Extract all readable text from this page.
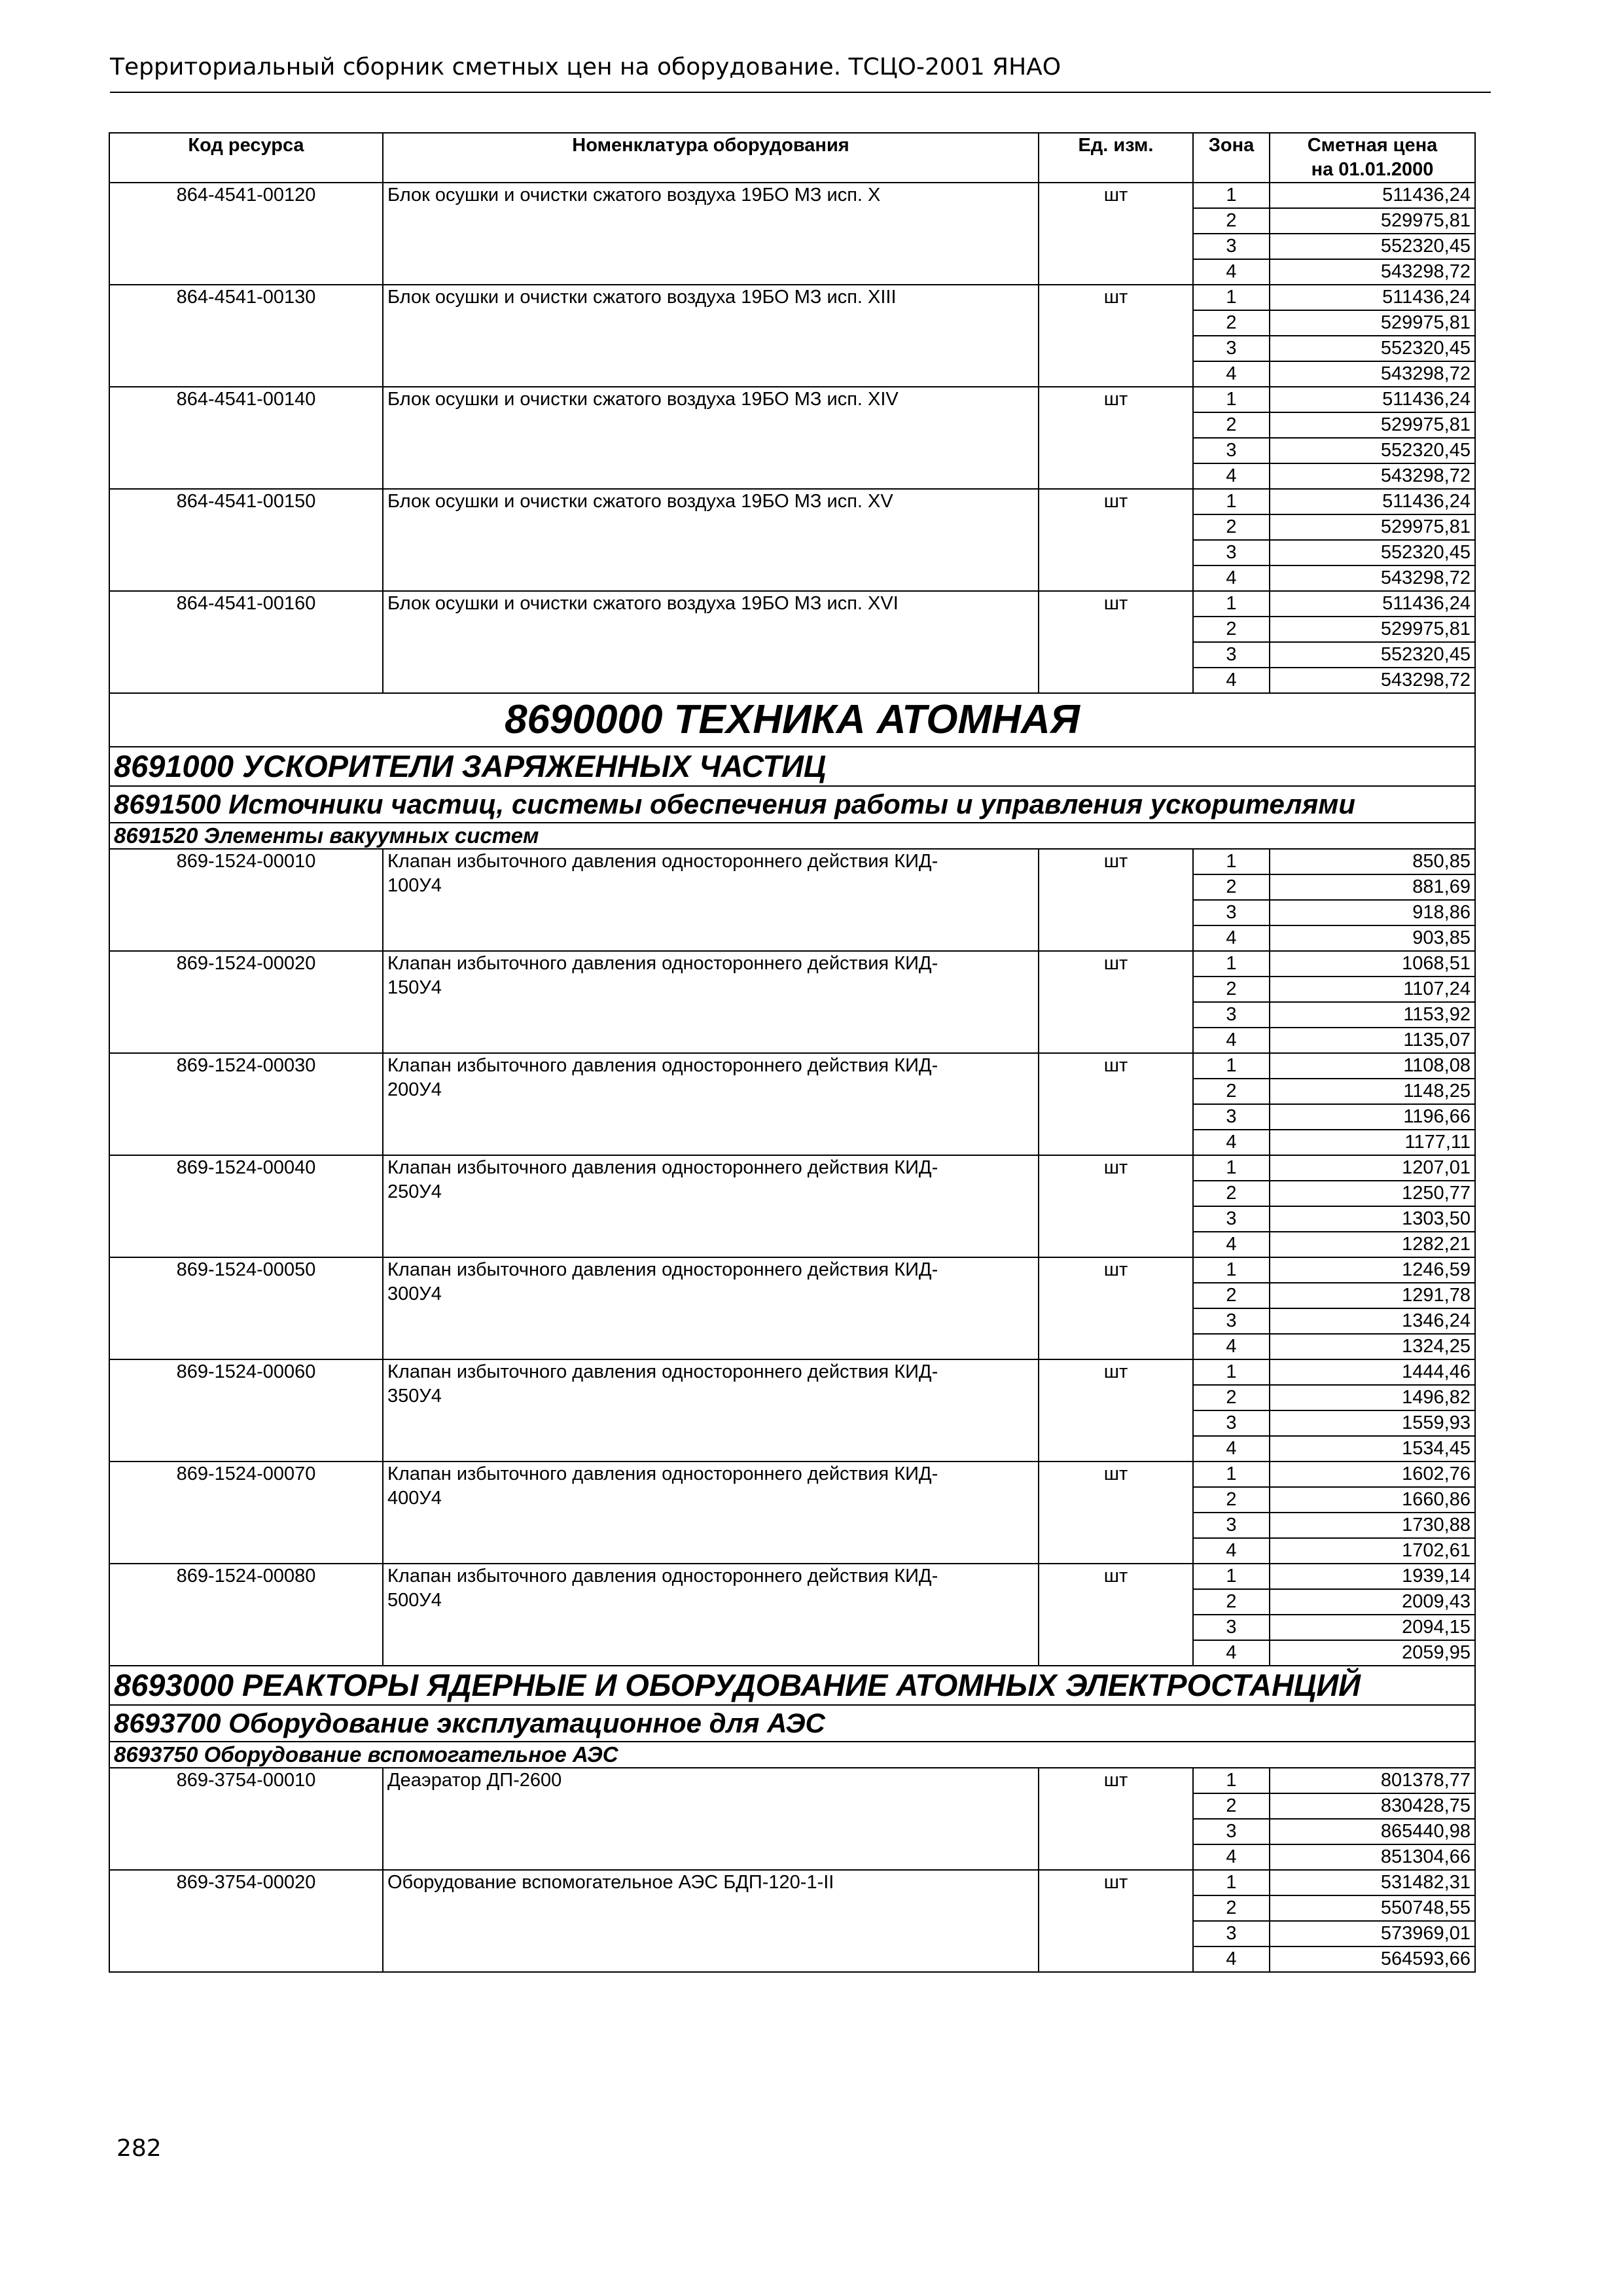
Территориальный сборник сметных цен на оборудование. ТСЦО-2001 ЯНАО
Код ресурса	Номенклатура оборудования	Ед. изм.	Зона	Сметная цена
на 01.01.2000
864-4541-00120	Блок осушки и очистки сжатого воздуха 19БО МЗ исп. X	шт	1	511436,24
			2	529975,81
			3	552320,45
			4	543298,72
864-4541-00130	Блок осушки и очистки сжатого воздуха 19БО МЗ исп. XIII	шт	1	511436,24
			2	529975,81
			3	552320,45
			4	543298,72
864-4541-00140	Блок осушки и очистки сжатого воздуха 19БО МЗ исп. XIV	шт	1	511436,24
			2	529975,81
			3	552320,45
			4	543298,72
864-4541-00150	Блок осушки и очистки сжатого воздуха 19БО МЗ исп. XV	шт	1	511436,24
			2	529975,81
			3	552320,45
			4	543298,72
864-4541-00160	Блок осушки и очистки сжатого воздуха 19БО МЗ исп. XVI	шт	1	511436,24
			2	529975,81
			3	552320,45
			4	543298,72
8690000 ТЕХНИКА АТОМНАЯ				
8691000 УСКОРИТЕЛИ ЗАРЯЖЕННЫХ ЧАСТИЦ				
8691500 Источники частиц, системы обеспечения работы и управления ускорителями				
8691520 Элементы вакуумных систем				
869-1524-00010	Клапан избыточного давления одностороннего действия КИД-
100У4	шт	1	850,85
			2	881,69
			3	918,86
			4	903,85
869-1524-00020	Клапан избыточного давления одностороннего действия КИД-
150У4	шт	1	1068,51
			2	1107,24
			3	1153,92
			4	1135,07
869-1524-00030	Клапан избыточного давления одностороннего действия КИД-
200У4	шт	1	1108,08
			2	1148,25
			3	1196,66
			4	1177,11
869-1524-00040	Клапан избыточного давления одностороннего действия КИД-
250У4	шт	1	1207,01
			2	1250,77
			3	1303,50
			4	1282,21
869-1524-00050	Клапан избыточного давления одностороннего действия КИД-
300У4	шт	1	1246,59
			2	1291,78
			3	1346,24
			4	1324,25
869-1524-00060	Клапан избыточного давления одностороннего действия КИД-
350У4	шт	1	1444,46
			2	1496,82
			3	1559,93
			4	1534,45
869-1524-00070	Клапан избыточного давления одностороннего действия КИД-
400У4	шт	1	1602,76
			2	1660,86
			3	1730,88
			4	1702,61
869-1524-00080	Клапан избыточного давления одностороннего действия КИД-
500У4	шт	1	1939,14
			2	2009,43
			3	2094,15
			4	2059,95
8693000 РЕАКТОРЫ ЯДЕРНЫЕ И ОБОРУДОВАНИЕ АТОМНЫХ ЭЛЕКТРОСТАНЦИЙ				
8693700 Оборудование эксплуатационное для АЭС				
8693750 Оборудование вспомогательное АЭС				
869-3754-00010	Деаэратор ДП-2600	шт	1	801378,77
			2	830428,75
			3	865440,98
			4	851304,66
869-3754-00020	Оборудование вспомогательное АЭС БДП-120-1-II	шт	1	531482,31
			2	550748,55
			3	573969,01
			4	564593,66
282
